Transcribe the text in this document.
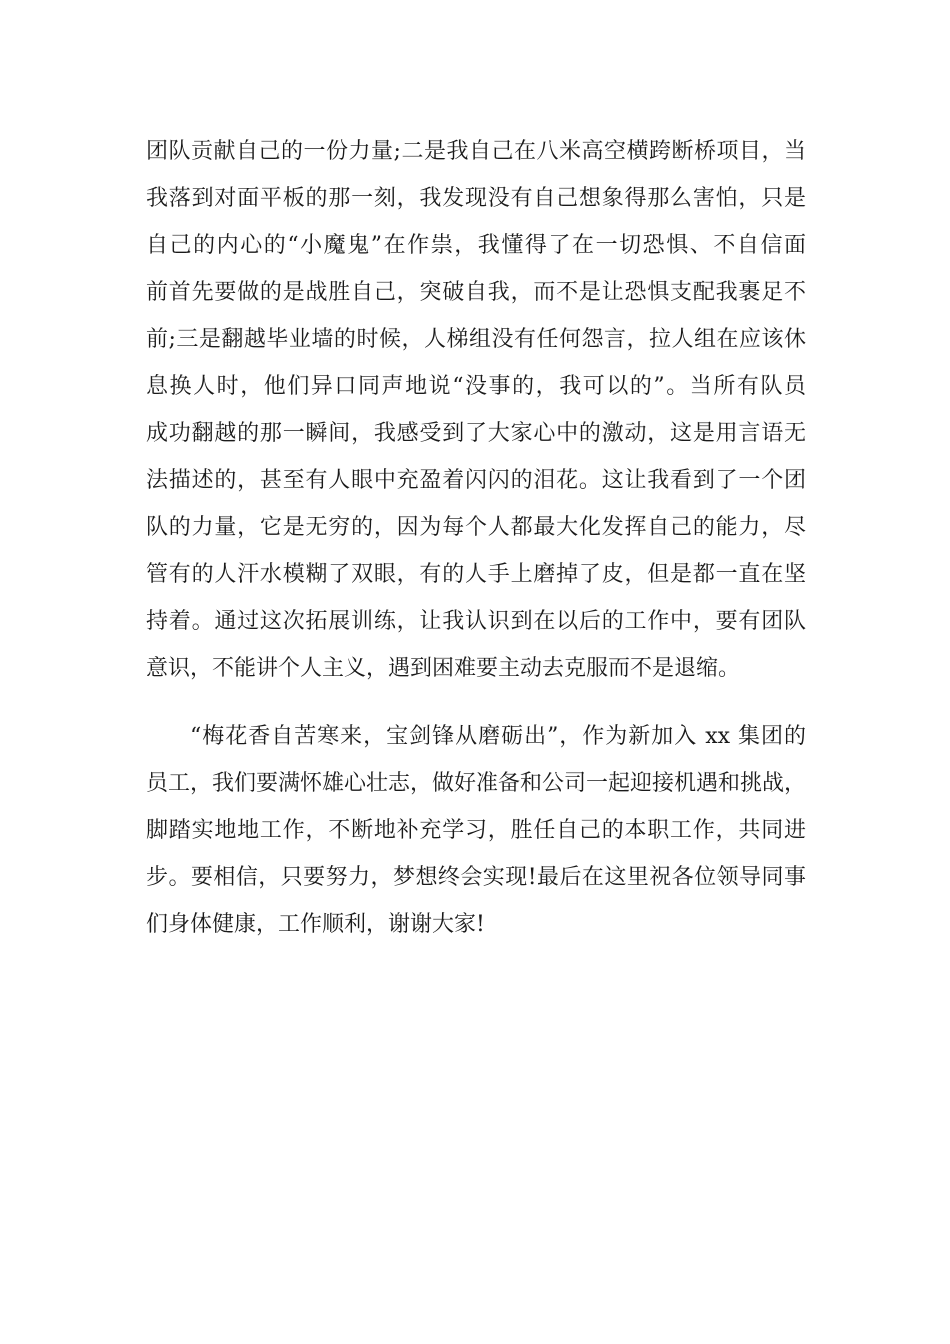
团队贡献自己的一份力量;二是我自己在八米高空横跨断桥项目，当
我落到对面平板的那一刻，我发现没有自己想象得那么害怕，只是
自己的内心的“小魔鬼”在作祟，我懂得了在一切恐惧、不自信面
前首先要做的是战胜自己，突破自我，而不是让恐惧支配我裹足不
前;三是翻越毕业墙的时候，人梯组没有任何怨言，拉人组在应该休
息换人时，他们异口同声地说“没事的，我可以的”。当所有队员
成功翻越的那一瞬间，我感受到了大家心中的激动，这是用言语无
法描述的，甚至有人眼中充盈着闪闪的泪花。这让我看到了一个团
队的力量，它是无穷的，因为每个人都最大化发挥自己的能力，尽
管有的人汗水模糊了双眼，有的人手上磨掉了皮，但是都一直在坚
持着。通过这次拓展训练，让我认识到在以后的工作中，要有团队
意识，不能讲个人主义，遇到困难要主动去克服而不是退缩。
“梅花香自苦寒来，宝剑锋从磨砺出”，作为新加入 xx 集团的
员工，我们要满怀雄心壮志，做好准备和公司一起迎接机遇和挑战，
脚踏实地地工作，不断地补充学习，胜任自己的本职工作，共同进
步。要相信，只要努力，梦想终会实现!最后在这里祝各位领导同事
们身体健康，工作顺利，谢谢大家!
